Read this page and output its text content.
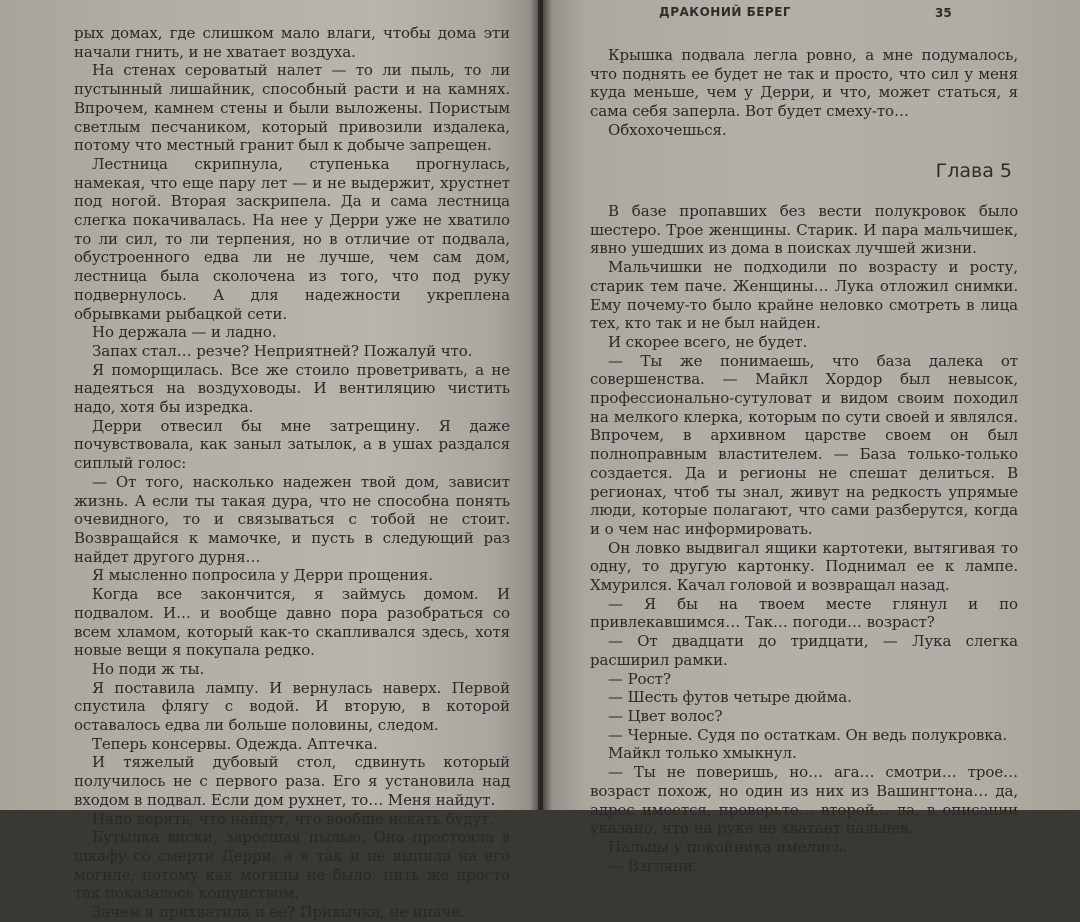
рых домах, где слишком мало влаги, чтобы дома эти начали гнить, и не хватает воздуха.

На стенах сероватый налет — то ли пыль, то ли пустынный лишайник, способный расти и на камнях. Впрочем, камнем стены и были выложены. Пористым светлым песчаником, который привозили издалека, потому что местный гранит был к добыче запрещен.

Лестница скрипнула, ступенька прогнулась, намекая, что еще пару лет — и не выдержит, хрустнет под ногой. Вторая заскрипела. Да и сама лестница слегка покачивалась. На нее у Дерри уже не хватило то ли сил, то ли терпения, но в отличие от подвала, обустроенного едва ли не лучше, чем сам дом, лестница была сколочена из того, что под руку подвернулось. А для надежности укреплена обрывками рыбацкой сети.

Но держала — и ладно.

Запах стал… резче? Неприятней? Пожалуй что.

Я поморщилась. Все же стоило проветривать, а не надеяться на воздуховоды. И вентиляцию чистить надо, хотя бы изредка.

Дерри отвесил бы мне затрещину. Я даже почувствовала, как заныл затылок, а в ушах раздался сиплый голос:

— От того, насколько надежен твой дом, зависит жизнь. А если ты такая дура, что не способна понять очевидного, то и связываться с тобой не стоит. Возвращайся к мамочке, и пусть в следующий раз найдет другого дурня…

Я мысленно попросила у Дерри прощения.

Когда все закончится, я займусь домом. И подвалом. И… и вообще давно пора разобраться со всем хламом, который как-то скапливался здесь, хотя новые вещи я покупала редко.

Но поди ж ты.

Я поставила лампу. И вернулась наверх. Первой спустила флягу с водой. И вторую, в которой оставалось едва ли больше половины, следом.

Теперь консервы. Одежда. Аптечка.

И тяжелый дубовый стол, сдвинуть который получилось не с первого раза. Его я установила над входом в подвал. Если дом рухнет, то… Меня найдут.

Надо верить, что найдут, что вообще искать будут.

Бутылка виски, заросшая пылью. Она простояла в шкафу со смерти Дерри, а я так и не выпила на его могиле, потому как могилы не было, пить же просто так показалось кощунством.

Зачем я прихватила и ее? Привычка, не иначе.

ДРАКОНИЙ БЕРЕГ	35

Крышка подвала легла ровно, а мне подумалось, что поднять ее будет не так и просто, что сил у меня куда меньше, чем у Дерри, и что, может статься, я сама себя заперла. Вот будет смеху-то…

Обхохочешься.

Глава 5

В базе пропавших без вести полукровок было шестеро. Трое женщины. Старик. И пара мальчишек, явно ушедших из дома в поисках лучшей жизни.

Мальчишки не подходили по возрасту и росту, старик тем паче. Женщины… Лука отложил снимки. Ему почему-то было крайне неловко смотреть в лица тех, кто так и не был найден.

И скорее всего, не будет.

— Ты же понимаешь, что база далека от совершенства. — Майкл Хордор был невысок, профессионально-сутуловат и видом своим походил на мелкого клерка, которым по сути своей и являлся. Впрочем, в архивном царстве своем он был полноправным властителем. — База только-только создается. Да и регионы не спешат делиться. В регионах, чтоб ты знал, живут на редкость упрямые люди, которые полагают, что сами разберутся, когда и о чем нас информировать.

Он ловко выдвигал ящики картотеки, вытягивая то одну, то другую картонку. Поднимал ее к лампе. Хмурился. Качал головой и возвращал назад.

— Я бы на твоем месте глянул и по привлекавшимся… Так… погоди… возраст?

— От двадцати до тридцати, — Лука слегка расширил рамки.

— Рост?

— Шесть футов четыре дюйма.

— Цвет волос?

— Черные. Судя по остаткам. Он ведь полукровка.

Майкл только хмыкнул.

— Ты не поверишь, но… ага… смотри… трое… возраст похож, но один из них из Вашингтона… да, адрес имеется, проверьте… второй… да, в описании указано, что на руке не хватает пальцев.

Пальцы у покойника имелись.

— Взгляни.
